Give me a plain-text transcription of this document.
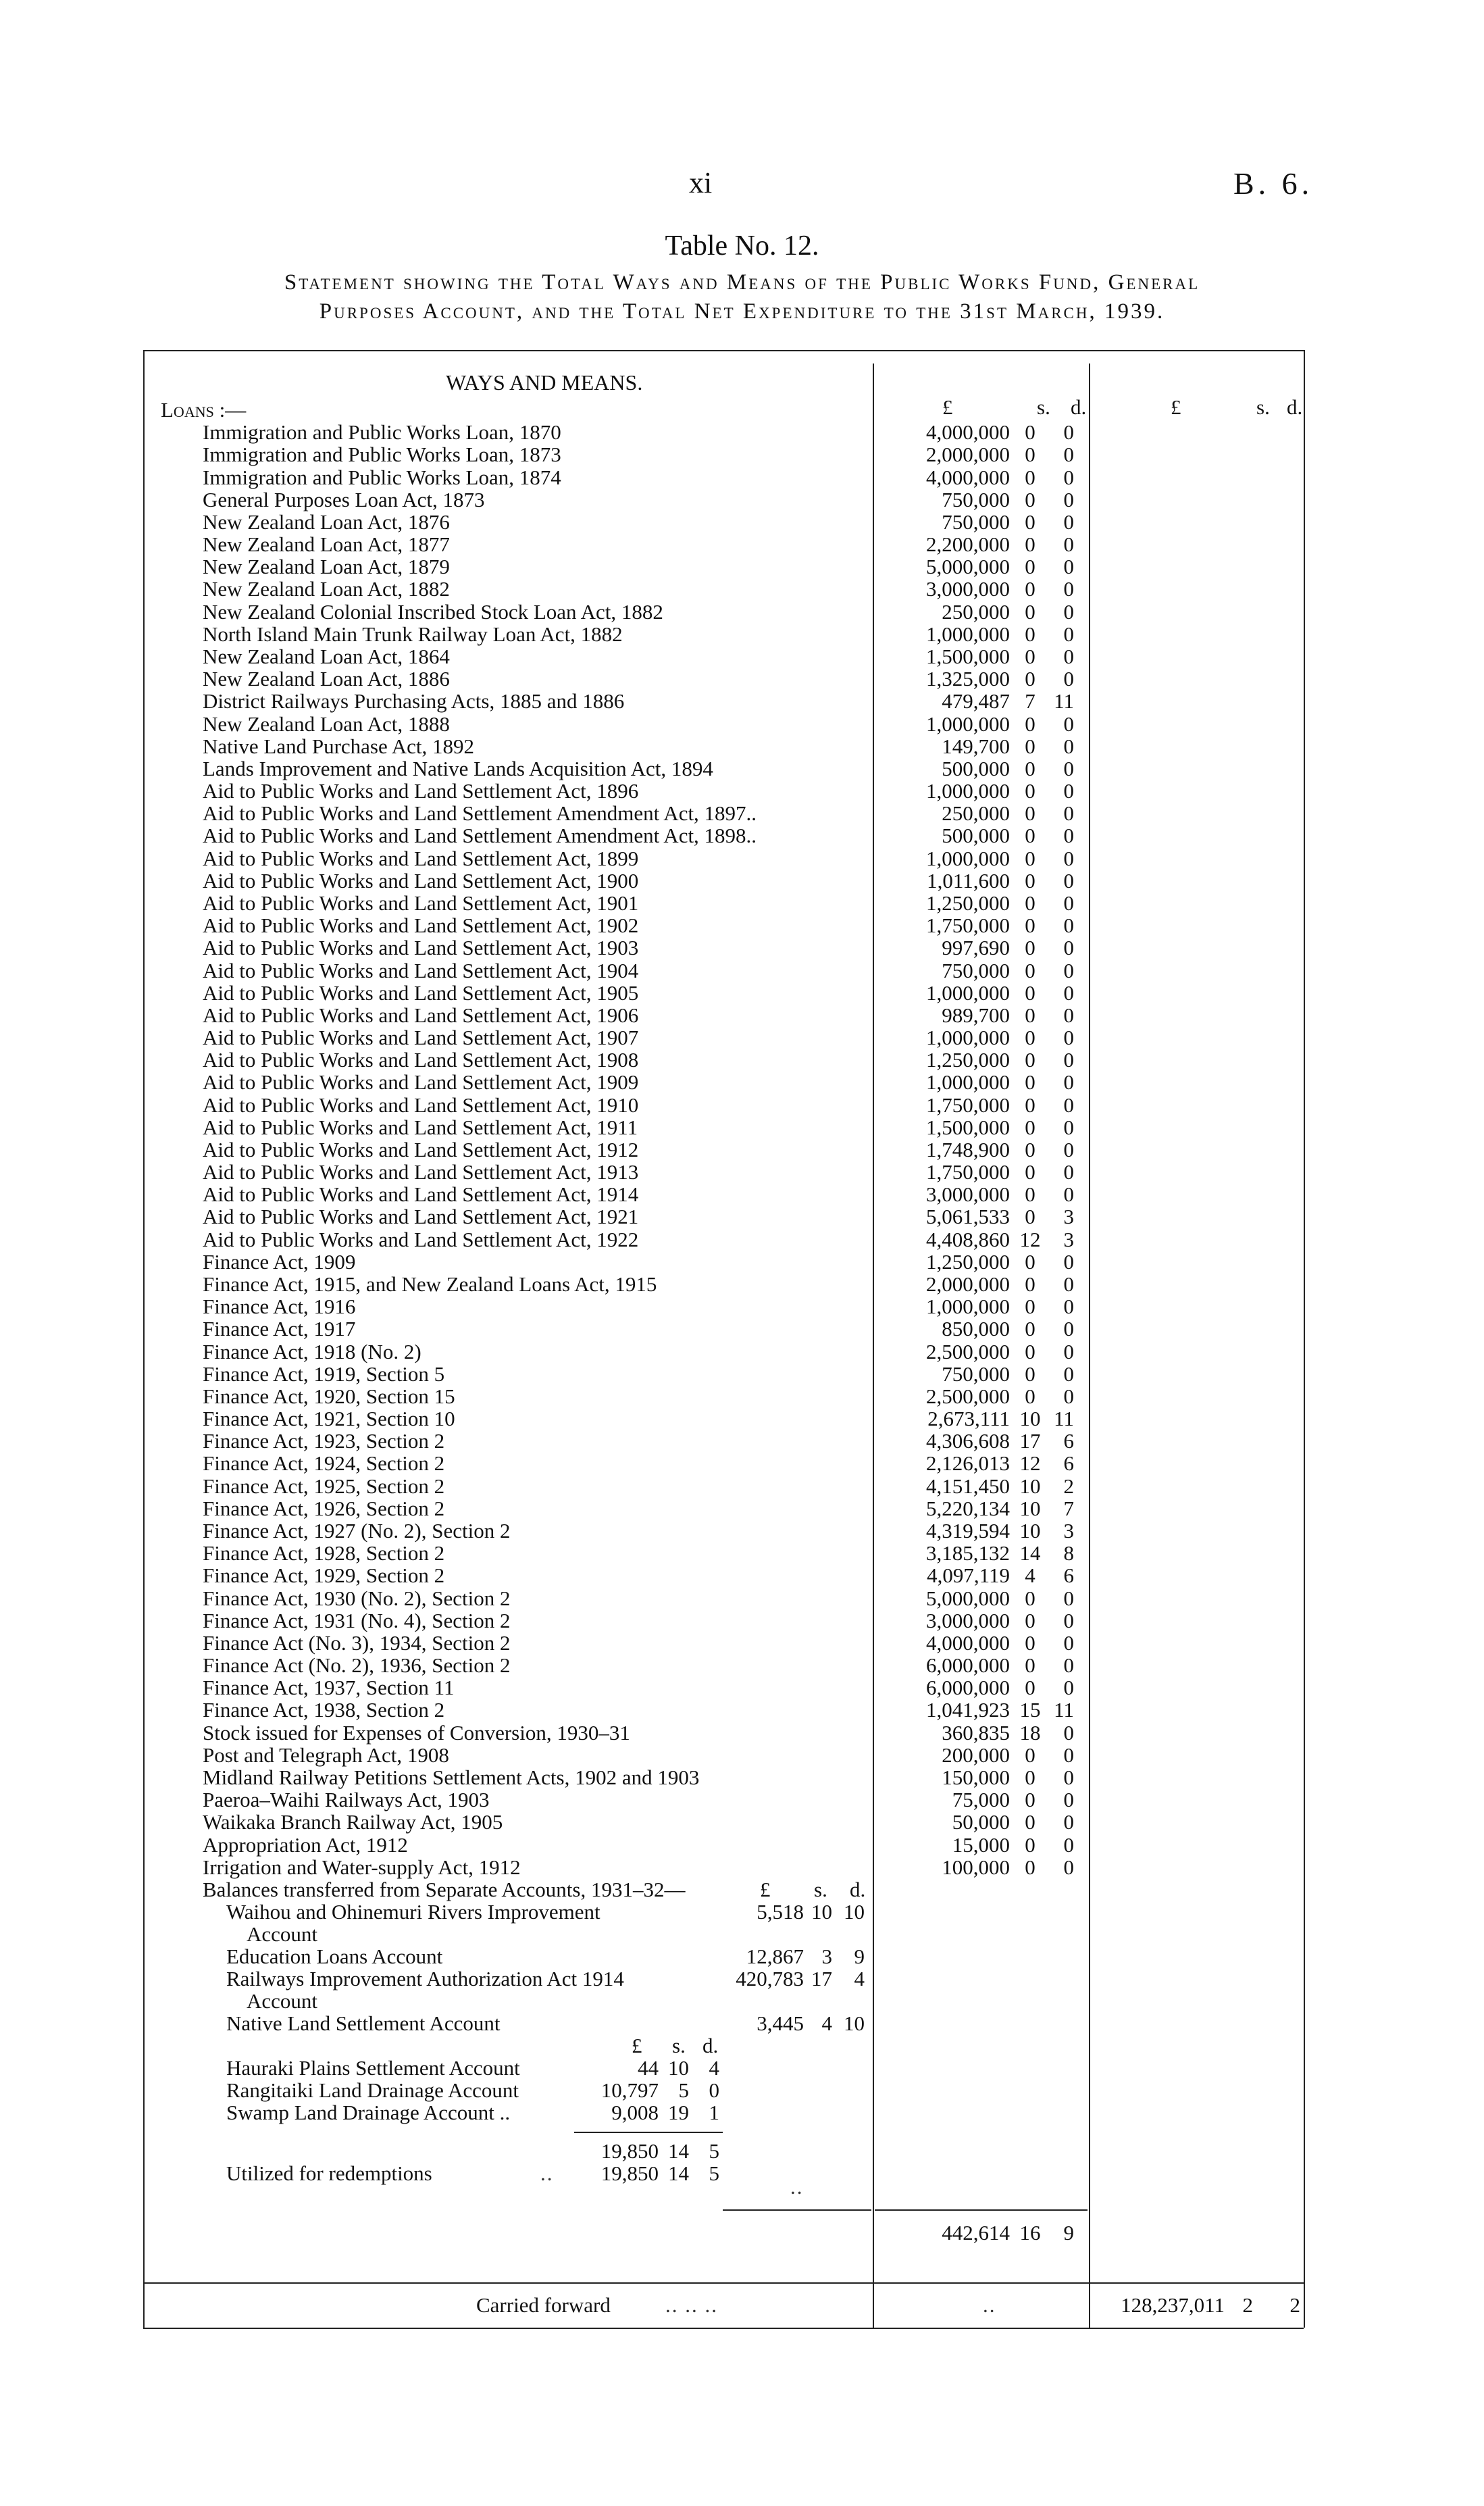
xi	B. 6.
Table No. 12.
Statement showing the Total Ways and Means of the Public Works Fund, General
Purposes Account, and the Total Net Expenditure to the 31st March, 1939.
WAYS AND MEANS.
Loans :—	£	s. d.	£	s. d.
Immigration and Public Works Loan, 1870	4,000,000 0	0
Immigration and Public Works Loan, 1873	2,000,000 0	0
Immigration and Public Works Loan, 1874	4,000,000 0	0
General Purposes Loan Act, 1873	750,000 0	0
New Zealand Loan Act, 1876	750,000 0	0
New Zealand Loan Act, 1877	2,200,000 0	0
New Zealand Loan Act, 1879	5,000,000 0	0
New Zealand Loan Act, 1882	3,000,000 0	0
New Zealand Colonial Inscribed Stock Loan Act, 1882	250,000 0	0
North Island Main Trunk Railway Loan Act, 1882	1,000,000 0	0
New Zealand Loan Act, 1864	1,500,000 0	0
New Zealand Loan Act, 1886	1,325,000 0	0
District Railways Purchasing Acts, 1885 and 1886	479,487 7 11
New Zealand Loan Act, 1888	1,000,000 0	0
Native Land Purchase Act, 1892	149,700 0	0
Lands Improvement and Native Lands Acquisition Act, 1894	500,000 0	0
Aid to Public Works and Land Settlement Act, 1896	1,000,000 0	0
Aid to Public Works and Land Settlement Amendment Act, 1897..	250,000 0	0
Aid to Public Works and Land Settlement Amendment Act, 1898..	500,000 0	0
Aid to Public Works and Land Settlement Act, 1899	1,000,000 0	0
Aid to Public Works and Land Settlement Act, 1900	1,011,600 0	0
Aid to Public Works and Land Settlement Act, 1901	1,250,000 0	0
Aid to Public Works and Land Settlement Act, 1902	1,750,000 0	0
Aid to Public Works and Land Settlement Act, 1903	997,690 0	0
Aid to Public Works and Land Settlement Act, 1904	750,000 0	0
Aid to Public Works and Land Settlement Act, 1905	1,000,000 0	0
Aid to Public Works and Land Settlement Act, 1906	989,700 0	0
Aid to Public Works and Land Settlement Act, 1907	1,000,000 0	0
Aid to Public Works and Land Settlement Act, 1908	1,250,000 0	0
Aid to Public Works and Land Settlement Act, 1909	1,000,000 0	0
Aid to Public Works and Land Settlement Act, 1910	1,750,000 0	0
Aid to Public Works and Land Settlement Act, 1911	1,500,000 0	0
Aid to Public Works and Land Settlement Act, 1912	1,748,900 0	0
Aid to Public Works and Land Settlement Act, 1913	1,750,000 0	0
Aid to Public Works and Land Settlement Act, 1914	3,000,000 0	0
Aid to Public Works and Land Settlement Act, 1921	5,061,533 0	3
Aid to Public Works and Land Settlement Act, 1922	4,408,860 12	3
Finance Act, 1909	1,250,000 0	0
Finance Act, 1915, and New Zealand Loans Act, 1915	2,000,000 0	0
Finance Act, 1916	1,000,000 0	0
Finance Act, 1917	850,000 0	0
Finance Act, 1918 (No. 2)	2,500,000 0	0
Finance Act, 1919, Section 5	750,000 0	0
Finance Act, 1920, Section 15	2,500,000 0	0
Finance Act, 1921, Section 10	2,673,111 10 11
Finance Act, 1923, Section 2	4,306,608 17	6
Finance Act, 1924, Section 2	2,126,013 12	6
Finance Act, 1925, Section 2	4,151,450 10	2
Finance Act, 1926, Section 2	5,220,134 10	7
Finance Act, 1927 (No. 2), Section 2	4,319,594 10	3
Finance Act, 1928, Section 2	3,185,132 14	8
Finance Act, 1929, Section 2	4,097,119 4	6
Finance Act, 1930 (No. 2), Section 2	5,000,000 0	0
Finance Act, 1931 (No. 4), Section 2	3,000,000 0	0
Finance Act (No. 3), 1934, Section 2	4,000,000 0	0
Finance Act (No. 2), 1936, Section 2	6,000,000 0	0
Finance Act, 1937, Section 11	6,000,000 0	0
Finance Act, 1938, Section 2	1,041,923 15 11
Stock issued for Expenses of Conversion, 1930–31	360,835 18	0
Post and Telegraph Act, 1908	200,000 0	0
Midland Railway Petitions Settlement Acts, 1902 and 1903	150,000 0	0
Paeroa–Waihi Railways Act, 1903	75,000 0	0
Waikaka Branch Railway Act, 1905	50,000 0	0
Appropriation Act, 1912	15,000 0	0
Irrigation and Water-supply Act, 1912	100,000 0	0
Balances transferred from Separate Accounts, 1931–32—	£ s. d.
Waihou and Ohinemuri Rivers Improvement
Account
5,518 10 10
Education Loans Account	12,867 3	9
Railways Improvement Authorization Act 1914
Account
420,783 17	4
Native Land Settlement Account	3,445 4 10
£ s. d.
Hauraki Plains Settlement Account	44 10 4
Rangitaiki Land Drainage Account	10,797 5 0
Swamp Land Drainage Account ..	9,008 19 1
19,850 14 5
Utilized for redemptions	..	19,850 14 5
..
442,614 16	9
Carried forward	.. .. ..	..	128,237,011 2	2
